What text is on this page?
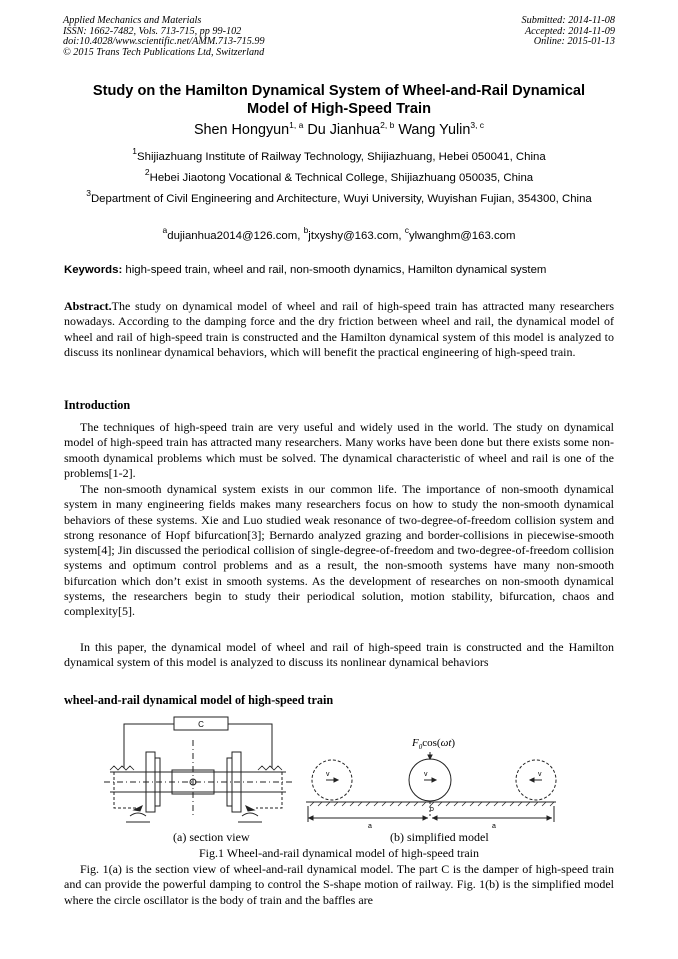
Applied Mechanics and Materials
ISSN: 1662-7482, Vols. 713-715, pp 99-102
doi:10.4028/www.scientific.net/AMM.713-715.99
© 2015 Trans Tech Publications Ltd, Switzerland
Submitted: 2014-11-08
Accepted: 2014-11-09
Online: 2015-01-13
Study on the Hamilton Dynamical System of Wheel-and-Rail Dynamical
Model of High-Speed Train
Shen Hongyun$^{1, a}$ Du Jianhua$^{2, b}$ Wang Yulin$^{3, c}$
$^1$Shijiazhuang Institute of Railway Technology, Shijiazhuang, Hebei 050041, China
$^2$Hebei Jiaotong Vocational & Technical College, Shijiazhuang 050035, China
$^3$Department of Civil Engineering and Architecture, Wuyi University, Wuyishan Fujian, 354300, China
$^a$dujianhua2014@126.com, $^b$jtxyshy@163.com, $^c$ylwanghm@163.com
Keywords: high-speed train, wheel and rail, non-smooth dynamics, Hamilton dynamical system
Abstract.The study on dynamical model of wheel and rail of high-speed train has attracted many researchers nowadays. According to the damping force and the dry friction between wheel and rail, the dynamical model of wheel and rail of high-speed train is constructed and the Hamilton dynamical system of this model is analyzed to discuss its nonlinear dynamical behaviors, which will benefit the practical engineering of high-speed train.
Introduction
The techniques of high-speed train are very useful and widely used in the world. The study on dynamical model of high-speed train has attracted many researchers. Many works have been done but there exists some non-smooth dynamical problems which must be solved. The dynamical characteristic of wheel and rail is one of the problems[1-2].
The non-smooth dynamical system exists in our common life. The importance of non-smooth dynamical system in many engineering fields makes many researchers focus on how to study the non-smooth dynamical behaviors of these systems. Xie and Luo studied weak resonance of two-degree-of-freedom collision system and strong resonance of Hopf bifurcation[3]; Bernardo analyzed grazing and border-collisions in piecewise-smooth system[4]; Jin discussed the periodical collision of single-degree-of-freedom and two-degree-of-freedom collision systems and optimum control problems and as a result, the non-smooth systems have many non-smooth bifurcation which don’t exist in smooth systems. As the development of researches on non-smooth dynamical systems, the researchers begin to study their periodical solution, motion stability, bifurcation, chaos and complexity[5].
In this paper, the dynamical model of wheel and rail of high-speed train is constructed and the Hamilton dynamical system of this model is analyzed to discuss its nonlinear dynamical behaviors
wheel-and-rail dynamical model of high-speed train
C
$F_0\cos(\omega t)$
v	v	v
o
a	a
(a) section view	(b) simplified model
Fig.1 Wheel-and-rail dynamical model of high-speed train
Fig. 1(a) is the section view of wheel-and-rail dynamical model. The part C is the damper of high-speed train and can provide the powerful damping to control the S-shape motion of railway. Fig. 1(b) is the simplified model where the circle oscillator is the body of train and the baffles are
